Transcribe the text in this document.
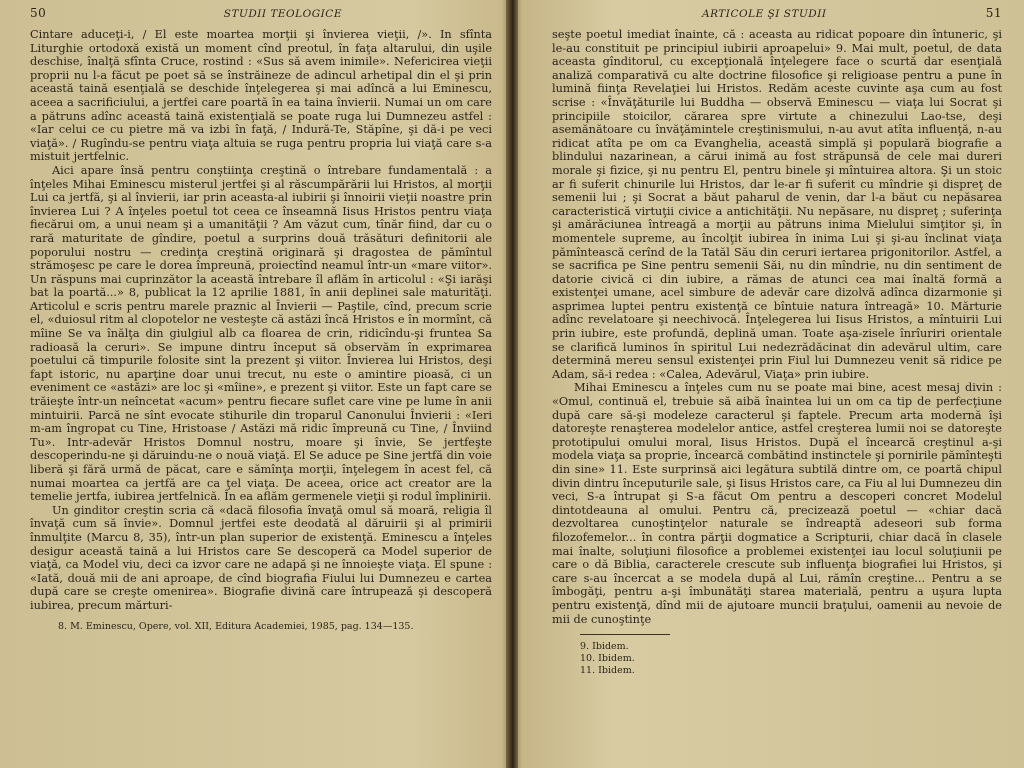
50	STUDII TEOLOGICE

Cintare aduceţi-i, / El este moartea morţii şi învierea vieţii, /». In sfînta Liturghie ortodoxă există un moment cînd preotul, în faţa altarului, din uşile deschise, înalţă sfînta Cruce, rostind : «Sus să avem inimile». Nefericirea vieţii proprii nu l-a făcut pe poet să se înstrăineze de adincul arhetipal din el şi prin această taină esenţială se deschide înţelegerea şi mai adîncă a lui Eminescu, aceea a sacrificiului, a jertfei care poartă în ea taina învierii. Numai un om care a pătruns adînc această taină existenţială se poate ruga lui Dumnezeu astfel : «Iar celui ce cu pietre mă va izbi în faţă, / Indură-Te, Stăpîne, şi dă-i pe veci viaţă». / Rugîndu-se pentru viaţa altuia se ruga pentru propria lui viaţă care s-a mistuit jertfelnic.

Aici apare însă pentru conştiinţa creştină o întrebare fundamentală : a înţeles Mihai Eminescu misterul jertfei şi al răscumpărării lui Hristos, al morţii Lui ca jertfă, şi al învierii, iar prin aceasta-al iubirii şi înnoirii vieţii noastre prin învierea Lui ? A înţeles poetul tot ceea ce înseamnă Iisus Hristos pentru viaţa fiecărui om, a unui neam şi a umanităţii ? Am văzut cum, tînăr fiind, dar cu o rară maturitate de gîndire, poetul a surprins două trăsături definitorii ale poporului nostru — credinţa creştină originară şi dragostea de pămîntul strămoşesc pe care le dorea împreună, proiectînd neamul într-un «mare viitor». Un răspuns mai cuprinzător la această întrebare îl aflăm în articolul : «Şi iarăşi bat la poartă...» 8, publicat la 12 aprilie 1881, în anii deplinei sale maturităţi. Articolul e scris pentru marele praznic al Învierii — Paştile, cînd, precum scrie el, «duiosul ritm al clopotelor ne vesteşte că astăzi încă Hristos e în mormînt, că mîine Se va înălţa din giulgiul alb ca floarea de crin, ridicîndu-şi fruntea Sa radioasă la ceruri». Se impune dintru început să observăm în exprimarea poetului că timpurile folosite sint la prezent şi viitor. Învierea lui Hristos, deşi fapt istoric, nu aparţine doar unui trecut, nu este o amintire pioasă, ci un eveniment ce «astăzi» are loc şi «mîine», e prezent şi viitor. Este un fapt care se trăieşte într-un neîncetat «acum» pentru fiecare suflet care vine pe lume în anii mintuirii. Parcă ne sînt evocate stihurile din troparul Canonului Învierii : «Ieri m-am îngropat cu Tine, Hristoase / Astăzi mă ridic împreună cu Tine, / Înviind Tu». Intr-adevăr Hristos Domnul nostru, moare şi învie, Se jertfeşte descoperindu-ne şi dăruindu-ne o nouă viaţă. El Se aduce pe Sine jertfă din voie liberă şi fără urmă de păcat, care e sămînţa morţii, înţelegem în acest fel, că numai moartea ca jertfă are ca ţel viaţa. De aceea, orice act creator are la temelie jertfa, iubirea jertfelnică. În ea aflăm germenele vieţii şi rodul împlinirii.

Un ginditor creştin scria că «dacă filosofia învaţă omul să moară, religia îl învaţă cum să învie». Domnul jertfei este deodată al dăruirii şi al primirii înmulţite (Marcu 8, 35), într-un plan superior de existenţă. Eminescu a înţeles desigur această taină a lui Hristos care Se descoperă ca Model superior de viaţă, ca Model viu, deci ca izvor care ne adapă şi ne înnoieşte viaţa. El spune : «Iată, două mii de ani aproape, de cînd biografia Fiului lui Dumnezeu e cartea după care se creşte omenirea». Biografie divină care întrupează şi descoperă iubirea, precum mărturi-

8. M. Eminescu, Opere, vol. XII, Editura Academiei, 1985, pag. 134—135.
ARTICOLE ŞI STUDII	51

seşte poetul imediat înainte, că : aceasta au ridicat popoare din întuneric, şi le-au constituit pe principiul iubirii aproapelui» 9. Mai mult, poetul, de data aceasta gînditorul, cu excepţională înţelegere face o scurtă dar esenţială analiză comparativă cu alte doctrine filosofice şi religioase pentru a pune în lumină fiinţa Revelaţiei lui Hristos. Redăm aceste cuvinte aşa cum au fost scrise : «Învăţăturile lui Buddha — observă Eminescu — viaţa lui Socrat şi principiile stoicilor, cărarea spre virtute a chinezului Lao-tse, deşi asemănătoare cu învăţămintele creştinismului, n-au avut atîta influenţă, n-au ridicat atîta pe om ca Evanghelia, această simplă şi populară biografie a blindului nazarinean, a cărui inimă au fost străpunsă de cele mai dureri morale şi fizice, şi nu pentru El, pentru binele şi mîntuirea altora. Şi un stoic ar fi suferit chinurile lui Hristos, dar le-ar fi suferit cu mîndrie şi dispreţ de semenii lui ; şi Socrat a băut paharul de venin, dar l-a băut cu nepăsarea caracteristică virtuţii civice a antichităţii. Nu nepăsare, nu dispreţ ; suferinţa şi amărăciunea întreagă a morţii au pătruns inima Mielului simţitor şi, în momentele supreme, au încolţit iubirea în inima Lui şi şi-au înclinat viaţa pămîntească cerînd de la Tatăl Său din ceruri iertarea prigonitorilor. Astfel, a se sacrifica pe Sine pentru semenii Săi, nu din mîndrie, nu din sentiment de datorie civică ci din iubire, a rămas de atunci cea mai înaltă formă a existenţei umane, acel simbure de adevăr care dizolvă adînca dizarmonie şi asprimea luptei pentru existenţă ce bîntuie natura întreagă» 10. Mărturie adînc revelatoare şi neechivocă. Înţelegerea lui Iisus Hristos, a mîntuirii Lui prin iubire, este profundă, deplină uman. Toate aşa-zisele înrîuriri orientale se clarifică luminos în spiritul Lui nedezrădăcinat din adevărul ultim, care determină mereu sensul existenţei prin Fiul lui Dumnezeu venit să ridice pe Adam, să-i redea : «Calea, Adevărul, Viaţa» prin iubire.

Mihai Eminescu a înţeles cum nu se poate mai bine, acest mesaj divin : «Omul, continuă el, trebuie să aibă înaintea lui un om ca tip de perfecţiune după care să-şi modeleze caracterul şi faptele. Precum arta modernă îşi datoreşte renaşterea modelelor antice, astfel creşterea lumii noi se datoreşte prototipului omului moral, Iisus Hristos. După el încearcă creştinul a-şi modela viaţa sa proprie, încearcă combătind instinctele şi pornirile pămînteşti din sine» 11. Este surprinsă aici legătura subtilă dintre om, ce poartă chipul divin dintru începuturile sale, şi Iisus Hristos care, ca Fiu al lui Dumnezeu din veci, S-a întrupat şi S-a făcut Om pentru a descoperi concret Modelul dintotdeauna al omului. Pentru că, precizează poetul — «chiar dacă dezvoltarea cunoştinţelor naturale se îndreaptă adeseori sub forma filozofemelor... în contra părţii dogmatice a Scripturii, chiar dacă în clasele mai înalte, soluţiuni filosofice a problemei existenţei iau locul soluţiunii pe care o dă Biblia, caracterele crescute sub influenţa biografiei lui Hristos, şi care s-au încercat a se modela după al Lui, rămîn creştine... Pentru a se îmbogăţi, pentru a-şi îmbunătăţi starea materială, pentru a uşura lupta pentru existenţă, dînd mii de ajutoare muncii braţului, oamenii au nevoie de mii de cunoştinţe

9. Ibidem.
10. Ibidem.
11. Ibidem.
